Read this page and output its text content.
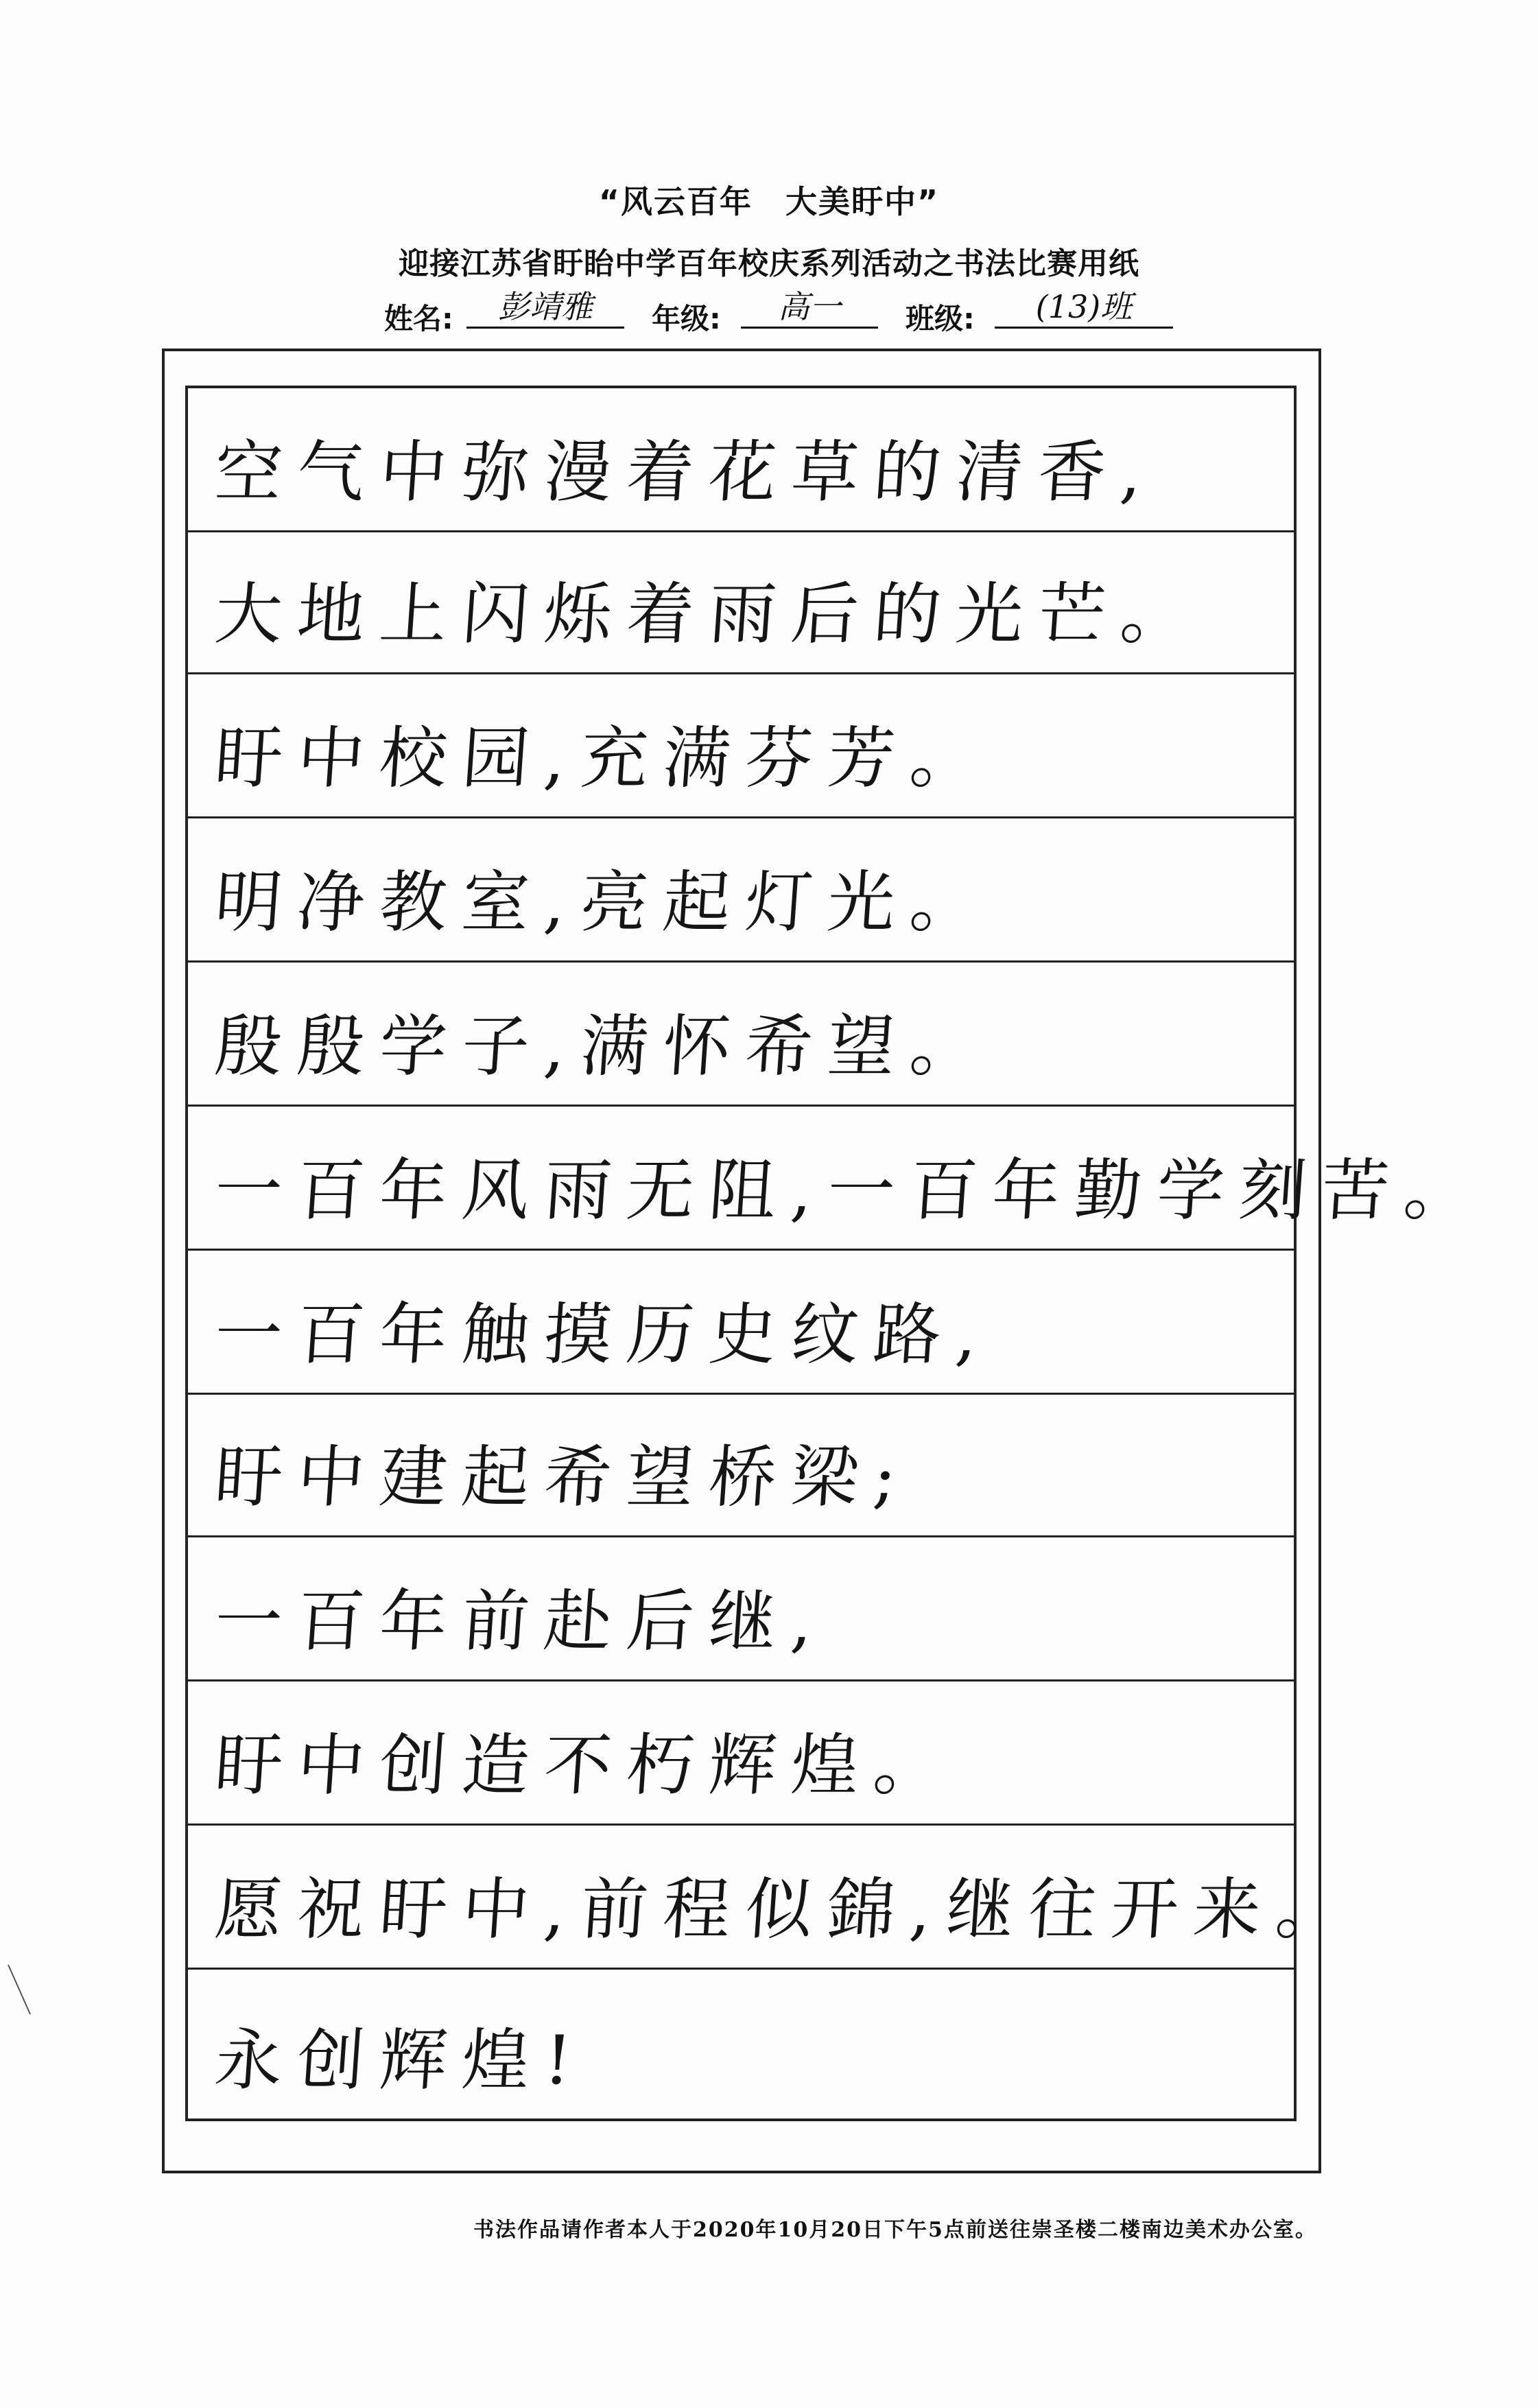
“风云百年　大美盱中”
迎接江苏省盱眙中学百年校庆系列活动之书法比赛用纸
姓名:	彭靖雅	年级:	高一	班级:	(13)班
空气中弥漫着花草的清香,
大地上闪烁着雨后的光芒。
盱中校园,充满芬芳。
明净教室,亮起灯光。
殷殷学子,满怀希望。
一百年风雨无阻,一百年勤学刻苦。
一百年触摸历史纹路,
盱中建起希望桥梁;
一百年前赴后继,
盱中创造不朽辉煌。
愿祝盱中,前程似錦,继往开来。
永创辉煌!
书法作品请作者本人于2020年10月20日下午5点前送往崇圣楼二楼南边美术办公室。
